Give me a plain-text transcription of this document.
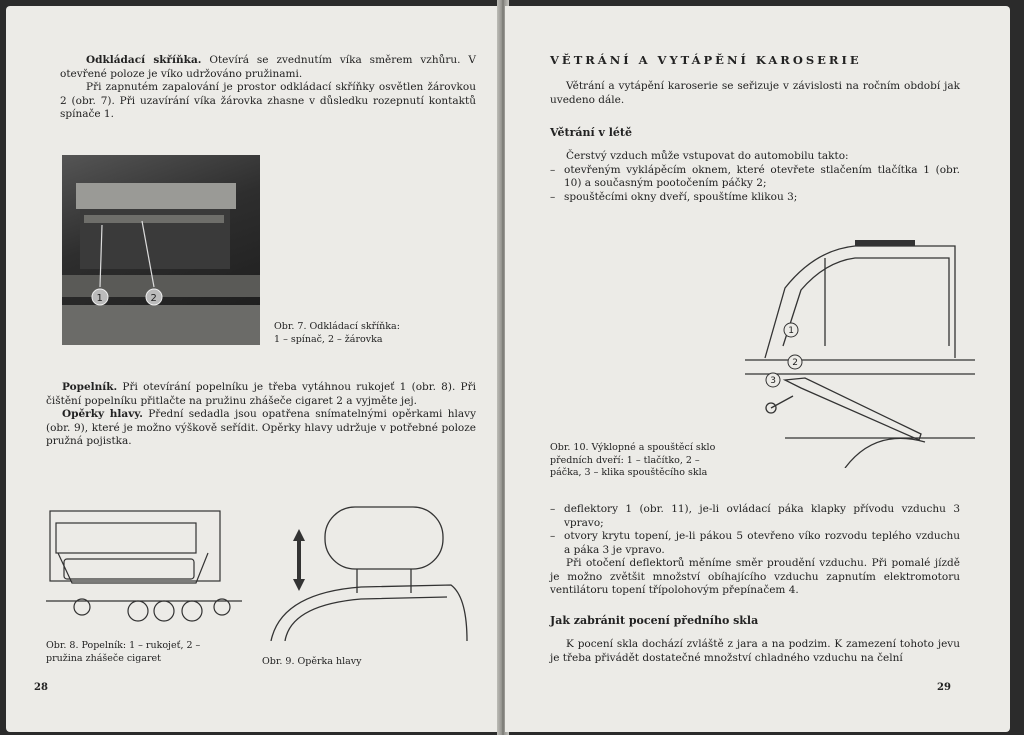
Odkládací skříňka. Otevírá se zvednutím víka směrem vzhůru. V otevřené poloze je víko udržováno pružinami.
Při zapnutém zapalování je prostor odkládací skříňky osvětlen žárovkou 2 (obr. 7). Při uzavírání víka žárovka zhasne v důsledku rozepnutí kontaktů spínače 1.
1	2
Obr. 7. Odkládací skříňka:
1 – spínač, 2 – žárovka
Popelník. Při otevírání popelníku je třeba vytáhnou rukojeť 1 (obr. 8). Při čištění popelníku přitlačte na pružinu zhášeče cigaret 2 a vyjměte jej.
Opěrky hlavy. Přední sedadla jsou opatřena snímatelnými opěrkami hlavy (obr. 9), které je možno výškově seřídit. Opěrky hlavy udržuje v potřebné poloze pružná pojistka.
Obr. 8. Popelník: 1 – rukojeť, 2 –
pružina zhášeče cigaret	Obr. 9. Opěrka hlavy
28
VĚTRÁNÍ A VYTÁPĚNÍ KAROSERIE
Větrání a vytápění karoserie se seřizuje v závislosti na ročním období jak uvedeno dále.
Větrání v létě
Čerstvý vzduch může vstupovat do automobilu takto:
– otevřeným vyklápěcím oknem, které otevřete stlačením tlačítka 1 (obr. 10) a současným pootočením páčky 2;
– spouštěcími okny dveří, spouštíme klikou 3;
1
2
3
Obr. 10. Výklopné a spouštěcí sklo
předních dveří: 1 – tlačítko, 2 –
páčka, 3 – klika spouštěcího skla
– deflektory 1 (obr. 11), je-li ovládací páka klapky přívodu vzduchu 3 vpravo;
– otvory krytu topení, je-li pákou 5 otevřeno víko rozvodu teplého vzduchu a páka 3 je vpravo.
Při otočení deflektorů měníme směr proudění vzduchu. Při pomalé jízdě je možno zvětšit množství obíhajícího vzduchu zapnutím elektromotoru ventilátoru topení třípolohovým přepínačem 4.
Jak zabránit pocení předního skla
K pocení skla dochází zvláště z jara a na podzim. K zamezení tohoto jevu je třeba přivádět dostatečné množství chladného vzduchu na čelní
29
